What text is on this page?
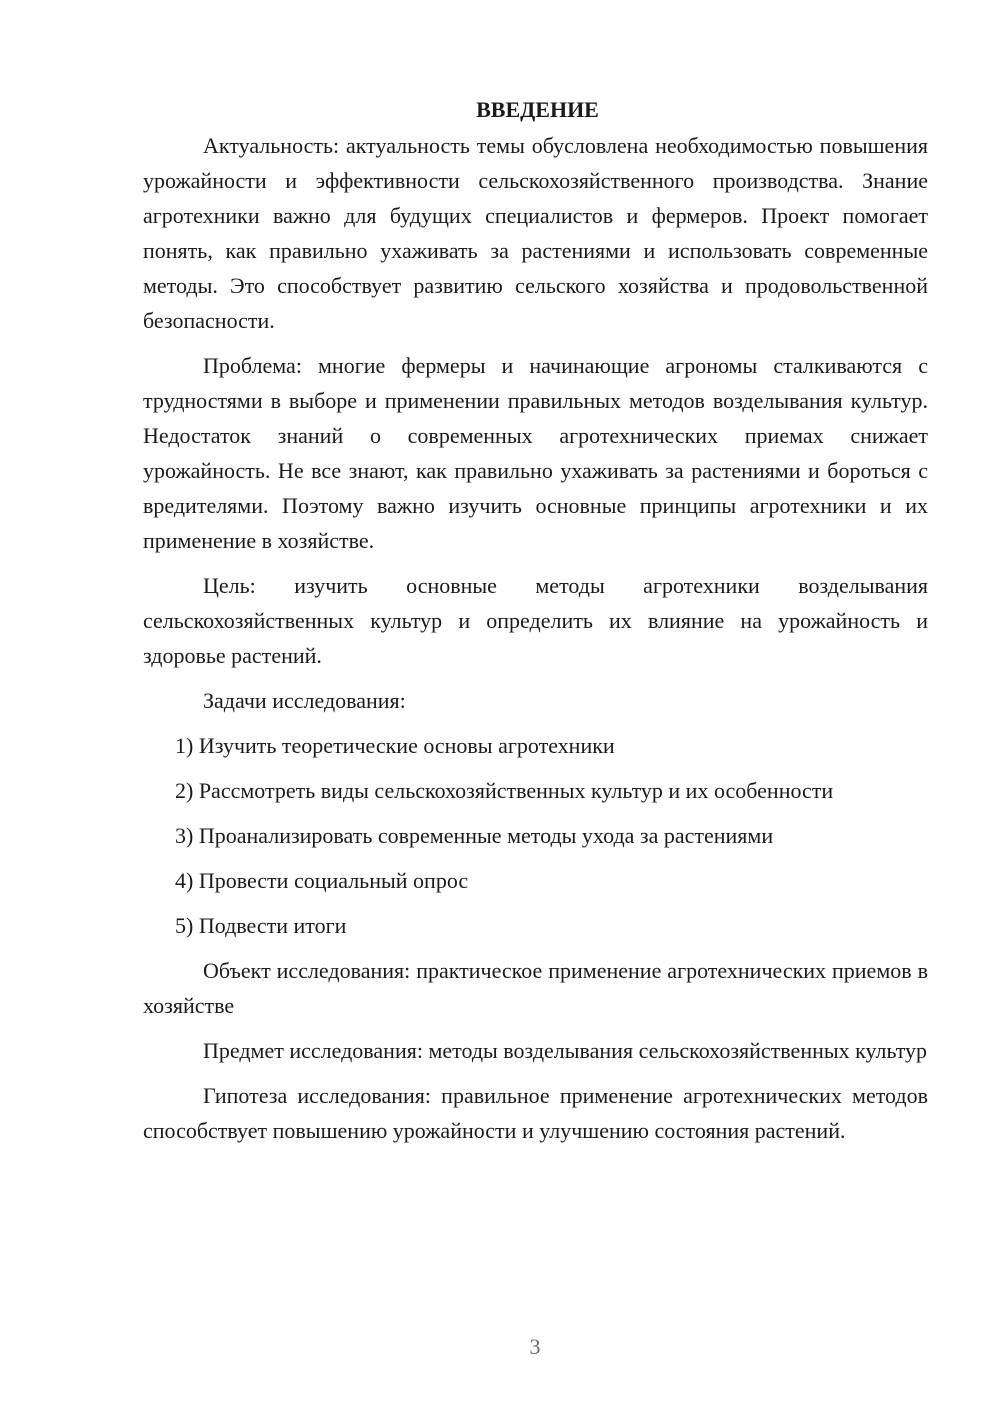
ВВЕДЕНИЕ

Актуальность: актуальность темы обусловлена необходимостью повышения урожайности и эффективности сельскохозяйственного производства. Знание агротехники важно для будущих специалистов и фермеров. Проект помогает понять, как правильно ухаживать за растениями и использовать современные методы. Это способствует развитию сельского хозяйства и продовольственной безопасности.

Проблема: многие фермеры и начинающие агрономы сталкиваются с трудностями в выборе и применении правильных методов возделывания культур. Недостаток знаний о современных агротехнических приемах снижает урожайность. Не все знают, как правильно ухаживать за растениями и бороться с вредителями. Поэтому важно изучить основные принципы агротехники и их применение в хозяйстве.

Цель: изучить основные методы агротехники возделывания сельскохозяйственных культур и определить их влияние на урожайность и здоровье растений.

Задачи исследования:

1) Изучить теоретические основы агротехники
2) Рассмотреть виды сельскохозяйственных культур и их особенности
3) Проанализировать современные методы ухода за растениями
4) Провести социальный опрос
5) Подвести итоги

Объект исследования: практическое применение агротехнических приемов в хозяйстве

Предмет исследования: методы возделывания сельскохозяйственных культур

Гипотеза исследования: правильное применение агротехнических методов способствует повышению урожайности и улучшению состояния растений.

3
